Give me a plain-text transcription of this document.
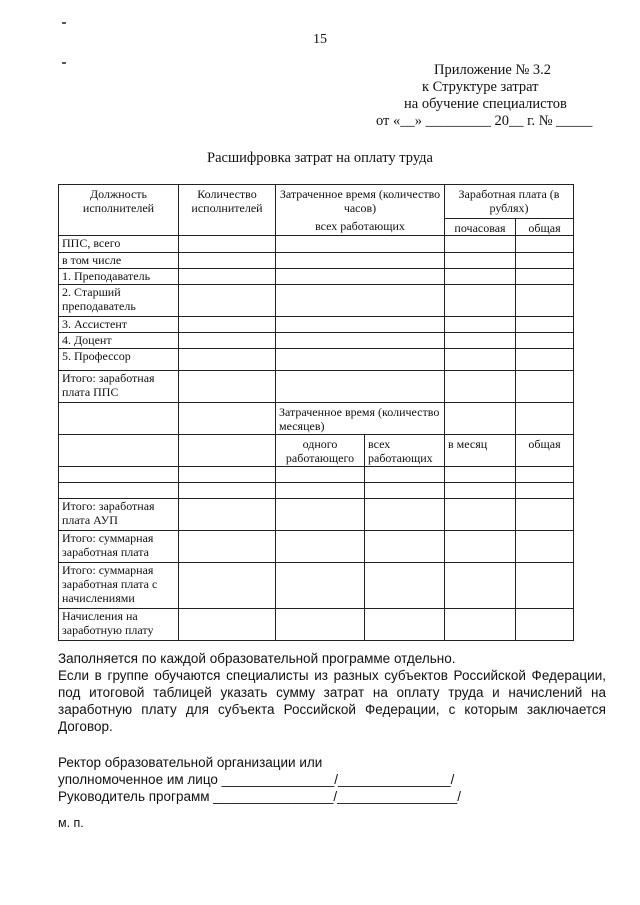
15
Приложение № 3.2
к Структуре затрат
на обучение специалистов
от «__» _________ 20__ г. № _____
Расшифровка затрат на оплату труда
Должность исполнителей	Количество исполнителей	Затраченное время (количество часов)		Заработная плата (в рублях)	
		всех работающих		почасовая	общая
ППС, всего					
в том числе					
1. Преподаватель					
2. Старший преподаватель					
3. Ассистент					
4. Доцент					
5. Профессор					
Итого: заработная плата ППС					
		Затраченное время (количество месяцев)			
		одного работающего	всех работающих	в месяц	общая

Итого: заработная плата АУП					
Итого: суммарная заработная плата					
Итого: суммарная заработная плата с начислениями					
Начисления на заработную плату					

Заполняется по каждой образовательной программе отдельно.

Если в группе обучаются специалисты из разных субъектов Российской Федерации, под итоговой таблицей указать сумму затрат на оплату труда и начислений на заработную плату для субъекта Российской Федерации, с которым заключается Договор.

Ректор образовательной организации или
уполномоченное им лицо _______________/_______________/
Руководитель программ ________________/________________/
м. п.
